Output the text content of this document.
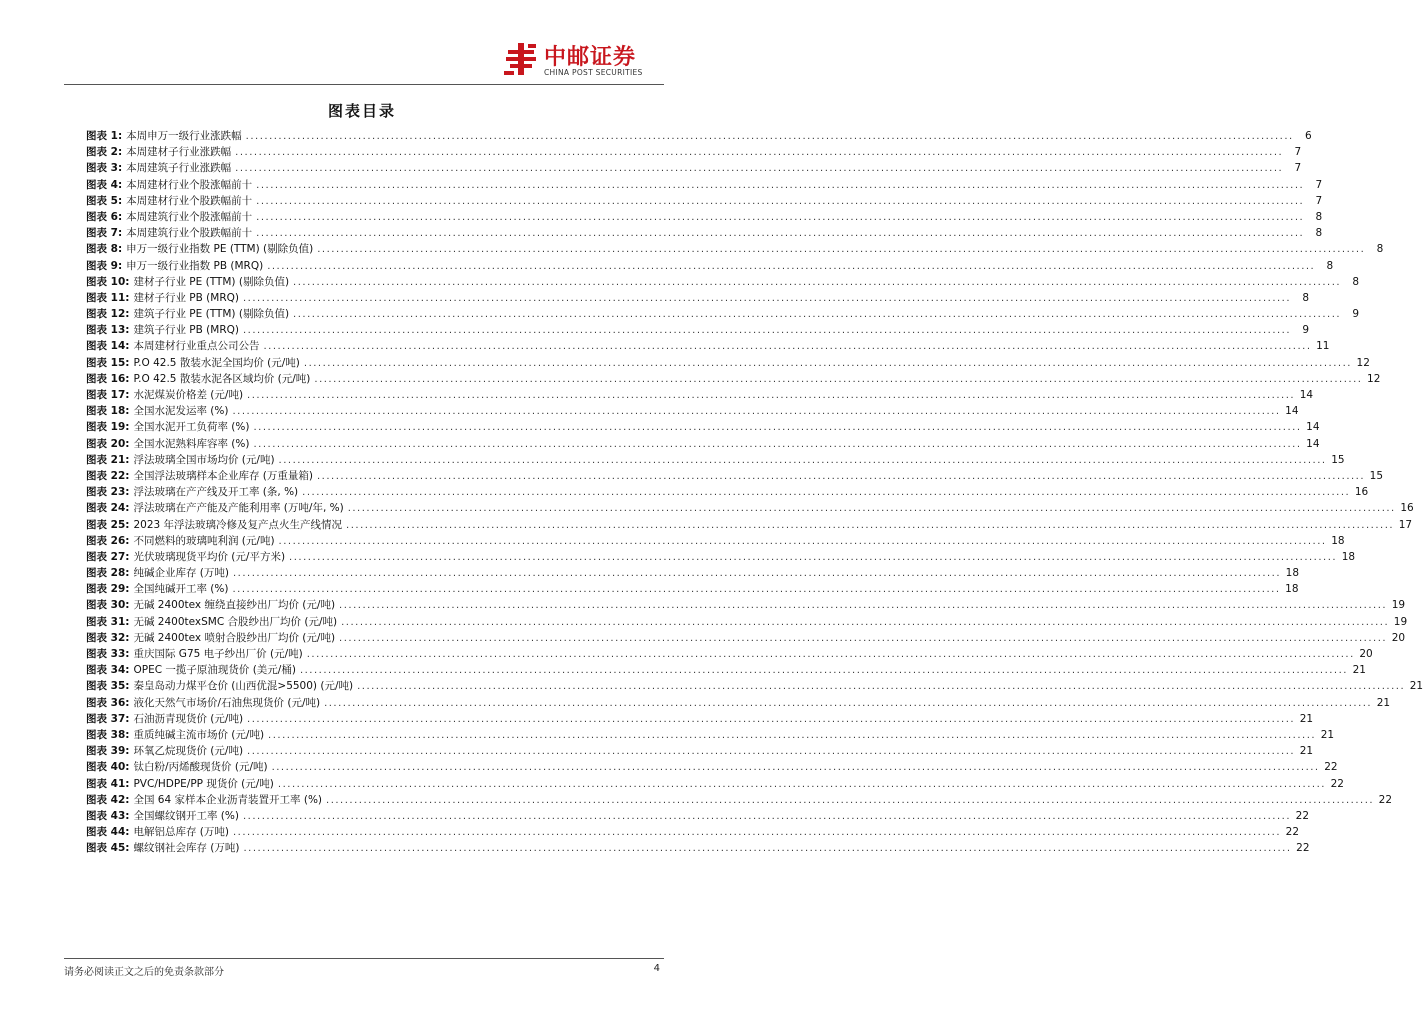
中邮证券
CHINA POST SECURITIES
图表目录
图表 1: 本周申万一级行业涨跌幅 .....	6
图表 2: 本周建材子行业涨跌幅 .....	7
图表 3: 本周建筑子行业涨跌幅 .....	7
图表 4: 本周建材行业个股涨幅前十 .....	7
图表 5: 本周建材行业个股跌幅前十 .....	7
图表 6: 本周建筑行业个股涨幅前十 .....	8
图表 7: 本周建筑行业个股跌幅前十 .....	8
图表 8: 申万一级行业指数 PE (TTM) (剔除负值) .....	8
图表 9: 申万一级行业指数 PB (MRQ) .....	8
图表 10: 建材子行业 PE (TTM) (剔除负值) .....	8
图表 11: 建材子行业 PB (MRQ) .....	8
图表 12: 建筑子行业 PE (TTM) (剔除负值) .....	9
图表 13: 建筑子行业 PB (MRQ) .....	9
图表 14: 本周建材行业重点公司公告 .....	11
图表 15: P.O 42.5 散装水泥全国均价 (元/吨) .....	12
图表 16: P.O 42.5 散装水泥各区域均价 (元/吨) .....	12
图表 17: 水泥煤炭价格差 (元/吨) .....	14
图表 18: 全国水泥发运率 (%) .....	14
图表 19: 全国水泥开工负荷率 (%) .....	14
图表 20: 全国水泥熟料库容率 (%) .....	14
图表 21: 浮法玻璃全国市场均价 (元/吨) .....	15
图表 22: 全国浮法玻璃样本企业库存 (万重量箱) .....	15
图表 23: 浮法玻璃在产产线及开工率 (条, %) .....	16
图表 24: 浮法玻璃在产产能及产能利用率 (万吨/年, %) .....	16
图表 25: 2023 年浮法玻璃冷修及复产点火生产线情况 .....	17
图表 26: 不同燃料的玻璃吨利润 (元/吨) .....	18
图表 27: 光伏玻璃现货平均价 (元/平方米) .....	18
图表 28: 纯碱企业库存 (万吨) .....	18
图表 29: 全国纯碱开工率 (%) .....	18
图表 30: 无碱 2400tex 缠绕直接纱出厂均价 (元/吨) .....	19
图表 31: 无碱 2400texSMC 合股纱出厂均价 (元/吨) .....	19
图表 32: 无碱 2400tex 喷射合股纱出厂均价 (元/吨) .....	20
图表 33: 重庆国际 G75 电子纱出厂价 (元/吨) .....	20
图表 34: OPEC 一揽子原油现货价 (美元/桶) .....	21
图表 35: 秦皇岛动力煤平仓价 (山西优混>5500) (元/吨) .....	21
图表 36: 液化天然气市场价/石油焦现货价 (元/吨) .....	21
图表 37: 石油沥青现货价 (元/吨) .....	21
图表 38: 重质纯碱主流市场价 (元/吨) .....	21
图表 39: 环氧乙烷现货价 (元/吨) .....	21
图表 40: 钛白粉/丙烯酸现货价 (元/吨) .....	22
图表 41: PVC/HDPE/PP 现货价 (元/吨) .....	22
图表 42: 全国 64 家样本企业沥青装置开工率 (%) .....	22
图表 43: 全国螺纹钢开工率 (%) .....	22
图表 44: 电解铝总库存 (万吨) .....	22
图表 45: 螺纹钢社会库存 (万吨) .....	22
请务必阅读正文之后的免责条款部分	4
